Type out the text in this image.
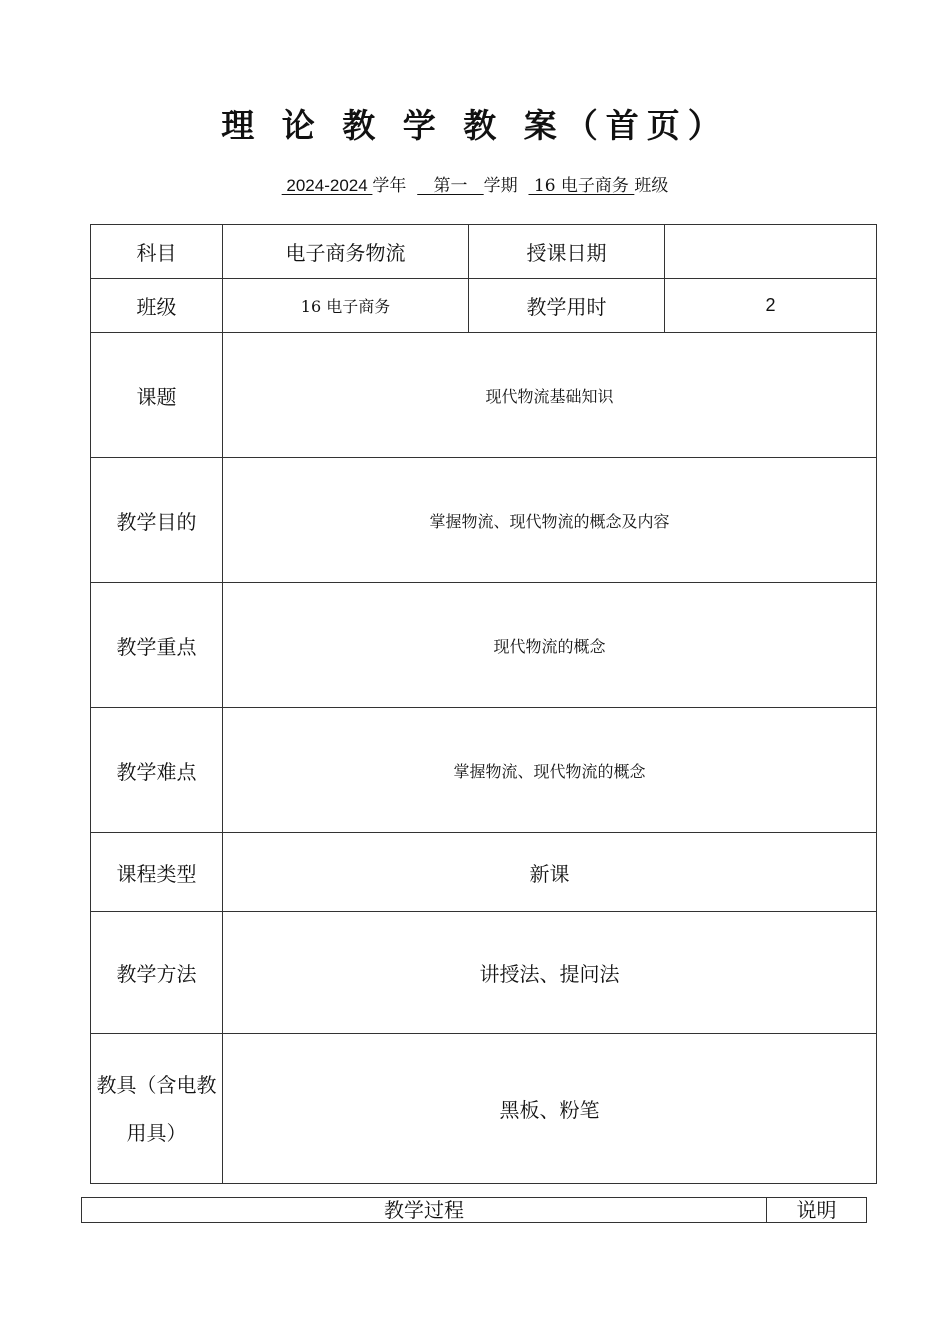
理 论 教 学 教 案（首页）
2024-2024 学年     第一   学期   16 电子商务 班级
科目	电子商务物流	授课日期	
班级	16 电子商务	教学用时	2
课题	现代物流基础知识		
教学目的	掌握物流、现代物流的概念及内容		
教学重点	现代物流的概念		
教学难点	掌握物流、现代物流的概念		
课程类型	新课		
教学方法	讲授法、提问法		
教具（含电教用具）	黑板、粉笔		
教学过程	说明
